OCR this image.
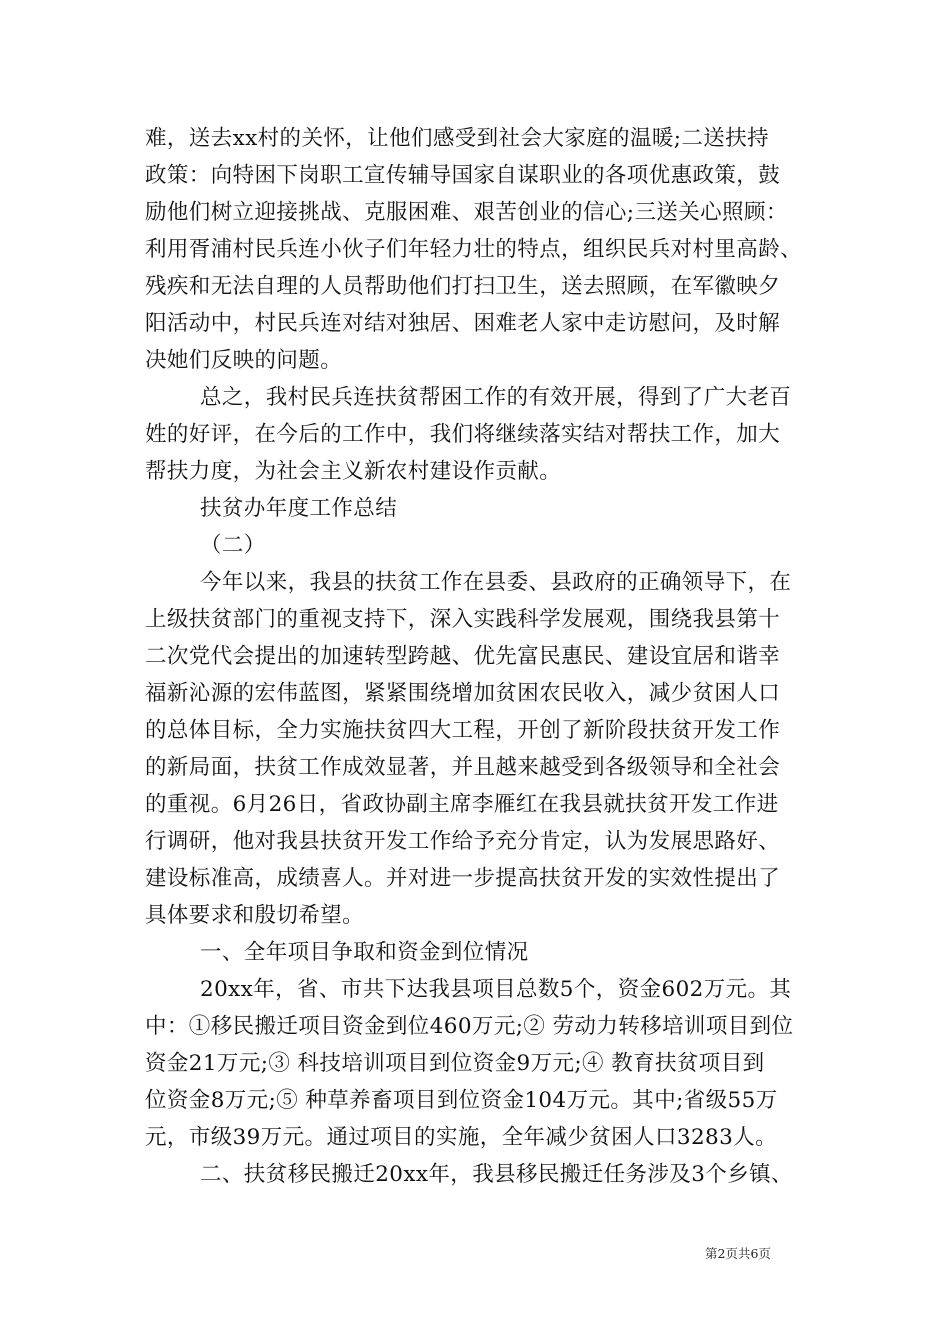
难，送去xx村的关怀，让他们感受到社会大家庭的温暖;二送扶持
政策：向特困下岗职工宣传辅导国家自谋职业的各项优惠政策，鼓
励他们树立迎接挑战、克服困难、艰苦创业的信心;三送关心照顾：
利用胥浦村民兵连小伙子们年轻力壮的特点，组织民兵对村里高龄、
残疾和无法自理的人员帮助他们打扫卫生，送去照顾，在军徽映夕
阳活动中，村民兵连对结对独居、困难老人家中走访慰问，及时解
决她们反映的问题。
总之，我村民兵连扶贫帮困工作的有效开展，得到了广大老百
姓的好评，在今后的工作中，我们将继续落实结对帮扶工作，加大
帮扶力度，为社会主义新农村建设作贡献。
扶贫办年度工作总结
（二）
今年以来，我县的扶贫工作在县委、县政府的正确领导下，在
上级扶贫部门的重视支持下，深入实践科学发展观，围绕我县第十
二次党代会提出的加速转型跨越、优先富民惠民、建设宜居和谐幸
福新沁源的宏伟蓝图，紧紧围绕增加贫困农民收入，减少贫困人口
的总体目标，全力实施扶贫四大工程，开创了新阶段扶贫开发工作
的新局面，扶贫工作成效显著，并且越来越受到各级领导和全社会
的重视。6月26日，省政协副主席李雁红在我县就扶贫开发工作进
行调研，他对我县扶贫开发工作给予充分肯定，认为发展思路好、
建设标准高，成绩喜人。并对进一步提高扶贫开发的实效性提出了
具体要求和殷切希望。
一、全年项目争取和资金到位情况
20xx年，省、市共下达我县项目总数5个，资金602万元。其
中：①移民搬迁项目资金到位460万元;② 劳动力转移培训项目到位
资金21万元;③ 科技培训项目到位资金9万元;④ 教育扶贫项目到
位资金8万元;⑤ 种草养畜项目到位资金104万元。其中;省级55万
元，市级39万元。通过项目的实施，全年减少贫困人口3283人。
二、扶贫移民搬迁20xx年，我县移民搬迁任务涉及3个乡镇、
第2页共6页
